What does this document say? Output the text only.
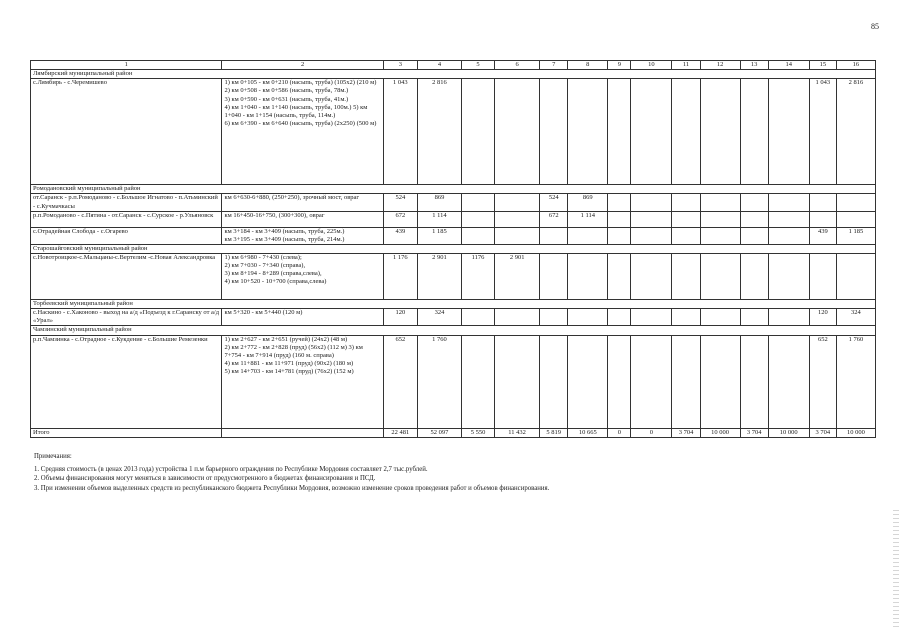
85
1	2	3	4	5	6	7	8	9	10	11	12	13	14	15	16
Лямбирский муниципальный район															
с.Лямбирь - с.Черемишево	1) км 0+105 - км 0+210 (насыпь, труба) (105х2) (210 м)
2) км 0+508 - км 0+586 (насыпь, труба, 78м.)
3) км 0+590 - км 0+631 (насыпь, труба, 41м.)
4) км 1+040 - км 1+140 (насыпь, труба, 100м.) 5) км 1+040 - км 1+154 (насыпь, труба, 114м.)
6) км 6+390 - км 6+640 (насыпь, труба) (2х250) (500 м)	1 043	2 816											1 043	2 816
Ромодановский муниципальный район															
от.Саранск - р.п.Ромоданово - с.Большое Игнатово - п.Атьминский - с.Кучмачкасы	км 6+630-6+880, (250+250), зрочный мост, овраг	524	869			524	869								
р.п.Ромоданово - с.Пятина - от.Саранск - с.Сурское - р.Ульяновск	км 16+450-16+750, (300+300), овраг	672	1 114			672	1 114								
с.Отрадейная Слобода - с.Огарево	км 3+184 - км 3+409 (насыпь, труба, 225м.)
км 3+195 - км 3+409 (насыпь, труба, 214м.)	439	1 185											439	1 185
Старошайговский муниципальный район															
с.Новотроицкое-с.Мальцаны-с.Вертелим -с.Новая Александровка	1) км 6+980 - 7+430 (слева);
2) км 7+030 - 7+340 (справа),
3) км 8+194 - 8+289 (справа,слева),
4) км 10+520 - 10+700 (справа,слева)	1 176	2 901	1176	2 901										
Торбеевский муниципальный район															
с.Наскино - с.Хаконово - выход на а/д «Подъезд к г.Саранску от а/д «Урал»	км 5+320 - км 5+440 (120 м)	120	324											120	324
Чамзинский муниципальный район															
р.п.Чамзинка - с.Отрадное - с.Кукдение - с.Большие Ремезенки	1) км 2+627 - км 2+651 (ручей) (24х2) (48 м)
2) км 2+772 - км 2+828 (пруд) (56х2) (112 м) 3) км 7+754 - км 7+914 (пруд) (160 м. справа)
4) км 11+881 - км 11+971 (пруд) (90х2) (180 м)
5) км 14+703 - км 14+781 (пруд) (76х2) (152 м)	652	1 760											652	1 760
Итого		22 481	52 097	5 550	11 432	5 819	10 665	0	0	3 704	10 000	3 704	10 000	3 704	10 000

Примечания:

1. Средняя стоимость (в ценах 2013 года) устройства 1 п.м барьерного ограждения по Республике Мордовия составляет 2,7 тыс.рублей.

2. Объемы финансирования могут меняться в зависимости от предусмотренного в бюджетах финансирования и ПСД.

3. При изменении объемов выделенных средств из республиканского бюджета Республики Мордовия, возможно изменение сроков проведения работ и объемов финансирования.
